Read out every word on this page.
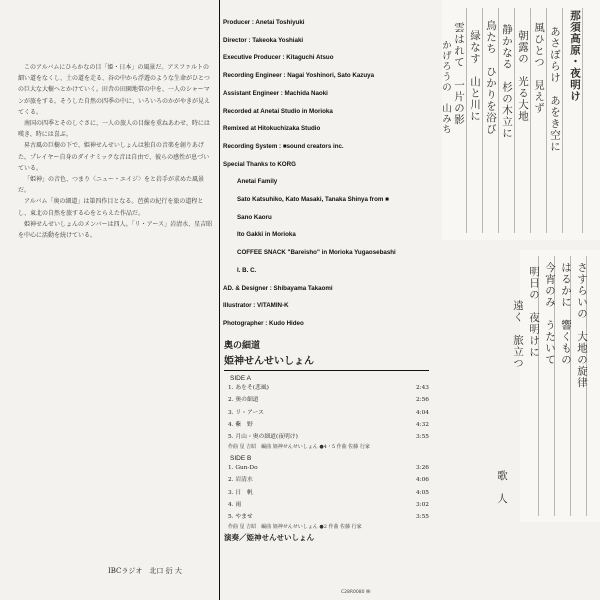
このアルバムにひらかなの目「姫・日本」の風景だ。アスファルトの細い道をなくし、土の道を走る、谷の中から浮遊のような生命がひとつの巨大な大樹へとかけていく。田舎の田園地帯の中を、一人のシャーマンが旅をする。そうした自然の四季の中に、いろいろのかがやきが見えてくる。

南国の四季とそのしぐさに、一人の旅人の目線を重ねあわせ、時には嘆き、時には喜ぶ。

昇古風の巨樹の下で、姫神せんせいしょんは独自の音楽を創りあげた。プレイヤー自身のダイナミックな音は自由で、彼らの感性が息づいている。

「姫神」の音色、つまり〈ニュー・エイジ〉をと岩手が求めた風景だ。

アルバム「奥の細道」は第四作目となる。芭蕉の紀行を旅の道程とし、東北の自然を旅する心をとらえた作品だ。

姫神せんせいしょんのメンバーは四人。「リ・アース」岩清水、星吉昭を中心に活動を続けている。

IBCラジオ　北口 衍 大
Producer : Anetai Toshiyuki
Director : Takeoka Yoshiaki
Executive Producer : Kitaguchi Atsuo
Recording Engineer : Nagai Yoshinori, Sato Kazuya
Assistant Engineer : Machida Naoki
Recorded at Anetai Studio in Morioka
Remixed at Hitokuchizaka Studio
Recording System : ■sound creators inc.
Special Thanks to KORG
Anetai Family
Sato Katsuhiko, Kato Masaki, Tanaka Shinya from ■
Sano Kaoru
Ito Gakki in Morioka
COFFEE SNACK "Bareisho" in Morioka Yugaosebashi
I. B. C.
AD. & Designer : Shibayama Takaomi
Illustrator : VITAMIN-K
Photographer : Kudo Hideo
奥の細道
姫神せんせいしょん
SIDE A
1. あをそ(悲風)	2:43
2. 奥の細道	2:56
3. リ・アース	4:04
4. 紫　野	4:32
5. 月山・奥の細道(夜明け)	3:55
作曲 星 吉昭　編曲 姫神せんせいしょん ●4・5 作曲 佐藤 行家
SIDE B
1. Gun-Do	3:26
2. 岩清水	4:06
3. 日　帆	4:05
4. 雨	3:02
5. やませ	3:55
作曲 星 吉昭　編曲 姫神せんせいしょん ●2 作曲 佐藤 行家
演奏／姫神せんせいしょん
C28R0080 ㈱
那須高原・夜明け
あさぼらけ　あをき空に
風ひとつ　見えず
朝露の　光る大地
静かなる　杉の木立に
鳥たち　ひかりを浴び
緑なす　山と川に
雲はれて　一片の影
かげろうの　山みち
さすらいの　大地の旋律
はるかに　響くもの
今宵のみ　うたいて
明日の　夜明けに
遠く　旅立つ
歌　人
